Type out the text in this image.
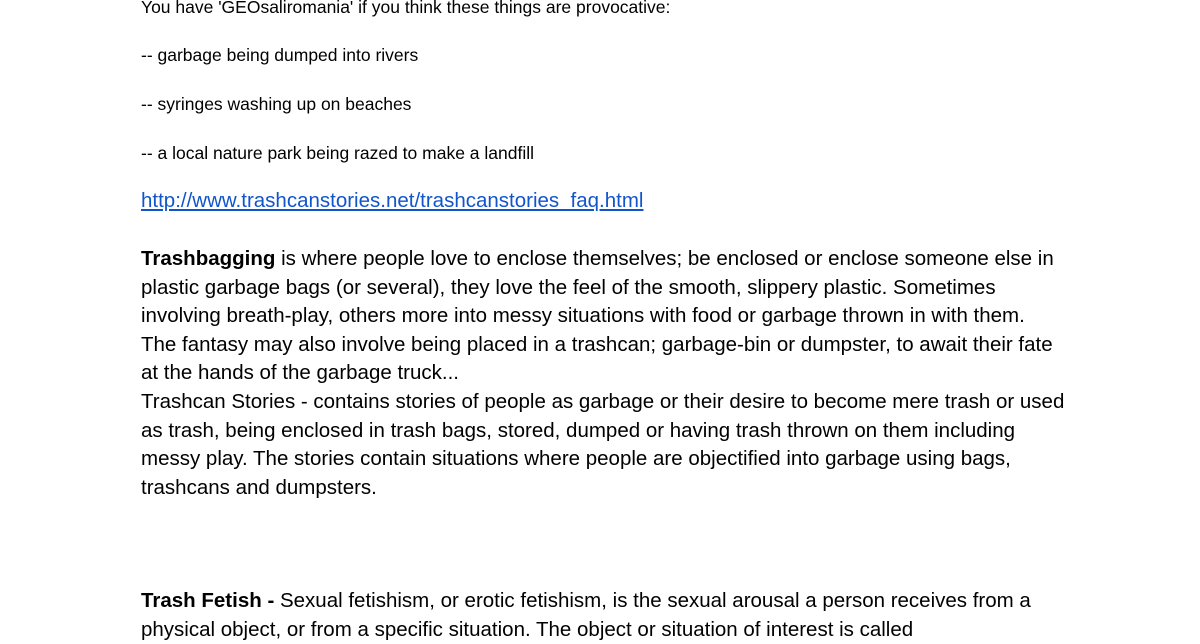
You have 'GEOsaliromania' if you think these things are provocative:

-- garbage being dumped into rivers

-- syringes washing up on beaches

-- a local nature park being razed to make a landfill

http://www.trashcanstories.net/trashcanstories_faq.html
Trashbagging is where people love to enclose themselves; be enclosed or enclose someone else in plastic garbage bags (or several), they love the feel of the smooth, slippery plastic. Sometimes involving breath-play, others more into messy situations with food or garbage thrown in with them.
The fantasy may also involve being placed in a trashcan; garbage-bin or dumpster, to await their fate at the hands of the garbage truck...
Trashcan Stories - contains stories of people as garbage or their desire to become mere trash or used as trash, being enclosed in trash bags, stored, dumped or having trash thrown on them including messy play. The stories contain situations where people are objectified into garbage using bags, trashcans and dumpsters.
Trash Fetish - Sexual fetishism, or erotic fetishism, is the sexual arousal a person receives from a physical object, or from a specific situation. The object or situation of interest is called
